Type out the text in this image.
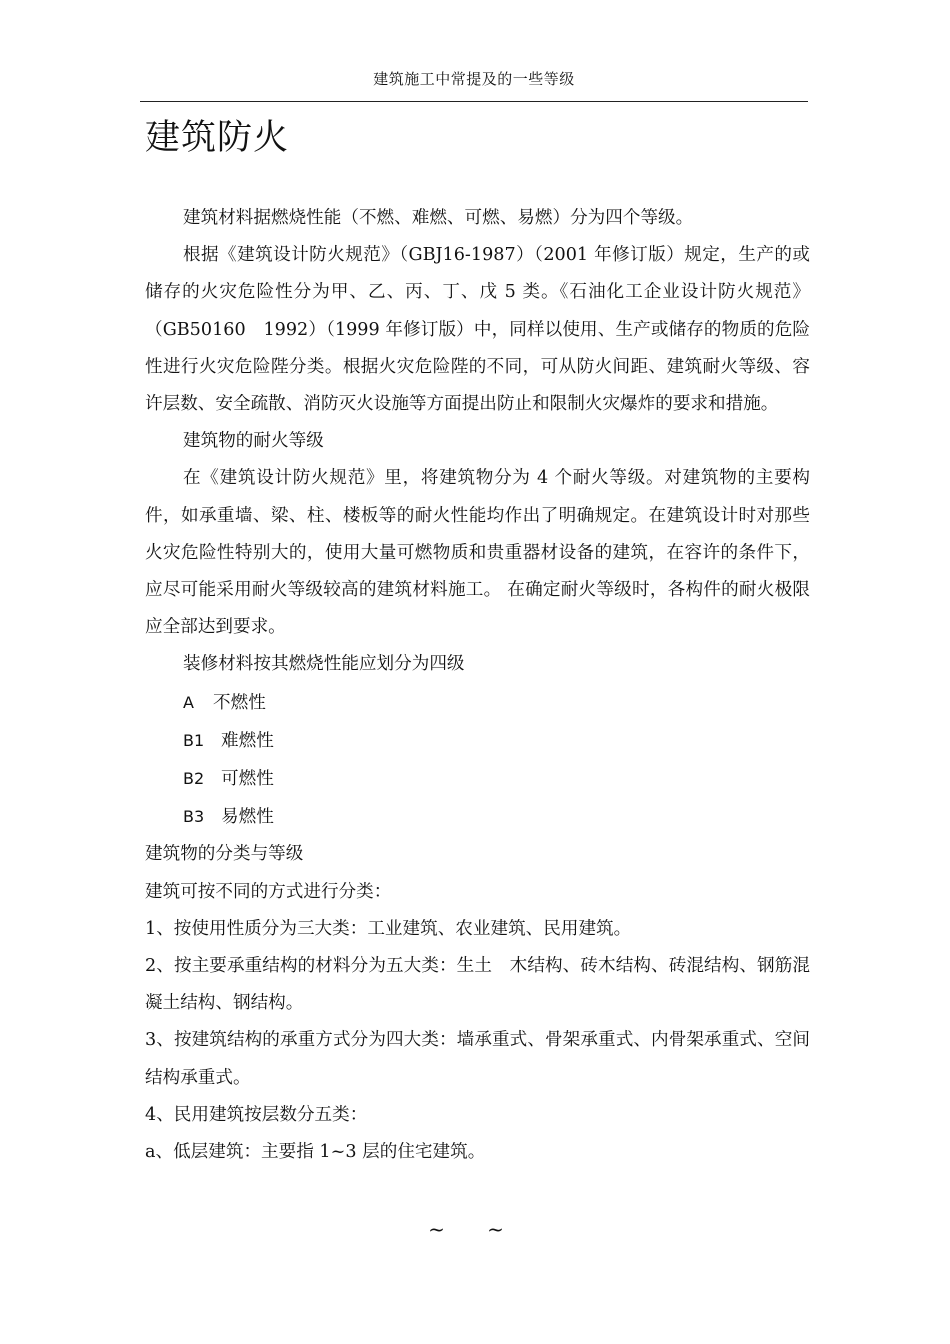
建筑施工中常提及的一些等级
建筑防火

建筑材料据燃烧性能（不燃、难燃、可燃、易燃）分为四个等级。

根据《建筑设计防火规范》（GBJ16-1987）（2001 年修订版）规定，生产的或储存的火灾危险性分为甲、乙、丙、丁、戊 5 类。《石油化工企业设计防火规范》（GB50160　1992）（1999 年修订版）中，同样以使用、生产或储存的物质的危险性进行火灾危险陛分类。根据火灾危险陛的不同，可从防火间距、建筑耐火等级、容许层数、安全疏散、消防灭火设施等方面提出防止和限制火灾爆炸的要求和措施。

建筑物的耐火等级

在《建筑设计防火规范》里，将建筑物分为 4 个耐火等级。对建筑物的主要构件，如承重墙、梁、柱、楼板等的耐火性能均作出了明确规定。在建筑设计时对那些火灾危险性特别大的，使用大量可燃物质和贵重器材设备的建筑，在容许的条件下，应尽可能采用耐火等级较高的建筑材料施工。 在确定耐火等级时，各构件的耐火极限应全部达到要求。

装修材料按其燃烧性能应划分为四级

A 不燃性

B1 难燃性

B2 可燃性

B3 易燃性

建筑物的分类与等级

建筑可按不同的方式进行分类：

1、按使用性质分为三大类：工业建筑、农业建筑、民用建筑。

2、按主要承重结构的材料分为五大类：生土　木结构、砖木结构、砖混结构、钢筋混凝土结构、钢结构。

3、按建筑结构的承重方式分为四大类：墙承重式、骨架承重式、内骨架承重式、空间结构承重式。

4、民用建筑按层数分五类：

a、低层建筑：主要指 1~3 层的住宅建筑。

~ ~
